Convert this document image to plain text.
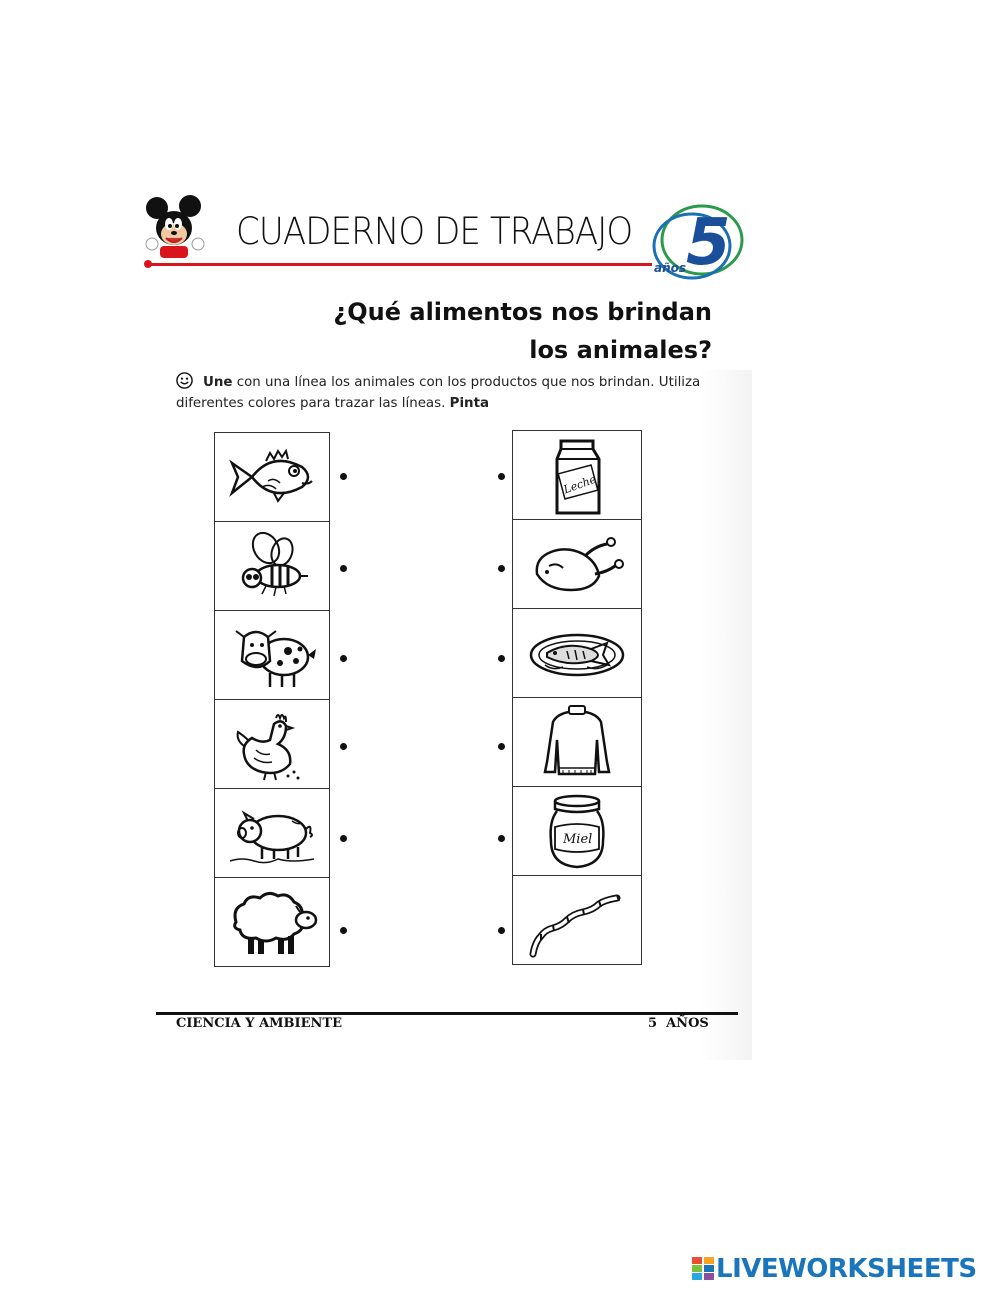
CUADERNO DE TRABAJO 5
años
¿Qué alimentos nos brindan
los animales?
Une con una línea los animales con los productos que nos brindan. Utiliza diferentes colores para trazar las líneas. Pinta
Leche
Miel
CIENCIA Y AMBIENTE	5  AÑOS
LIVEWORKSHEETS
